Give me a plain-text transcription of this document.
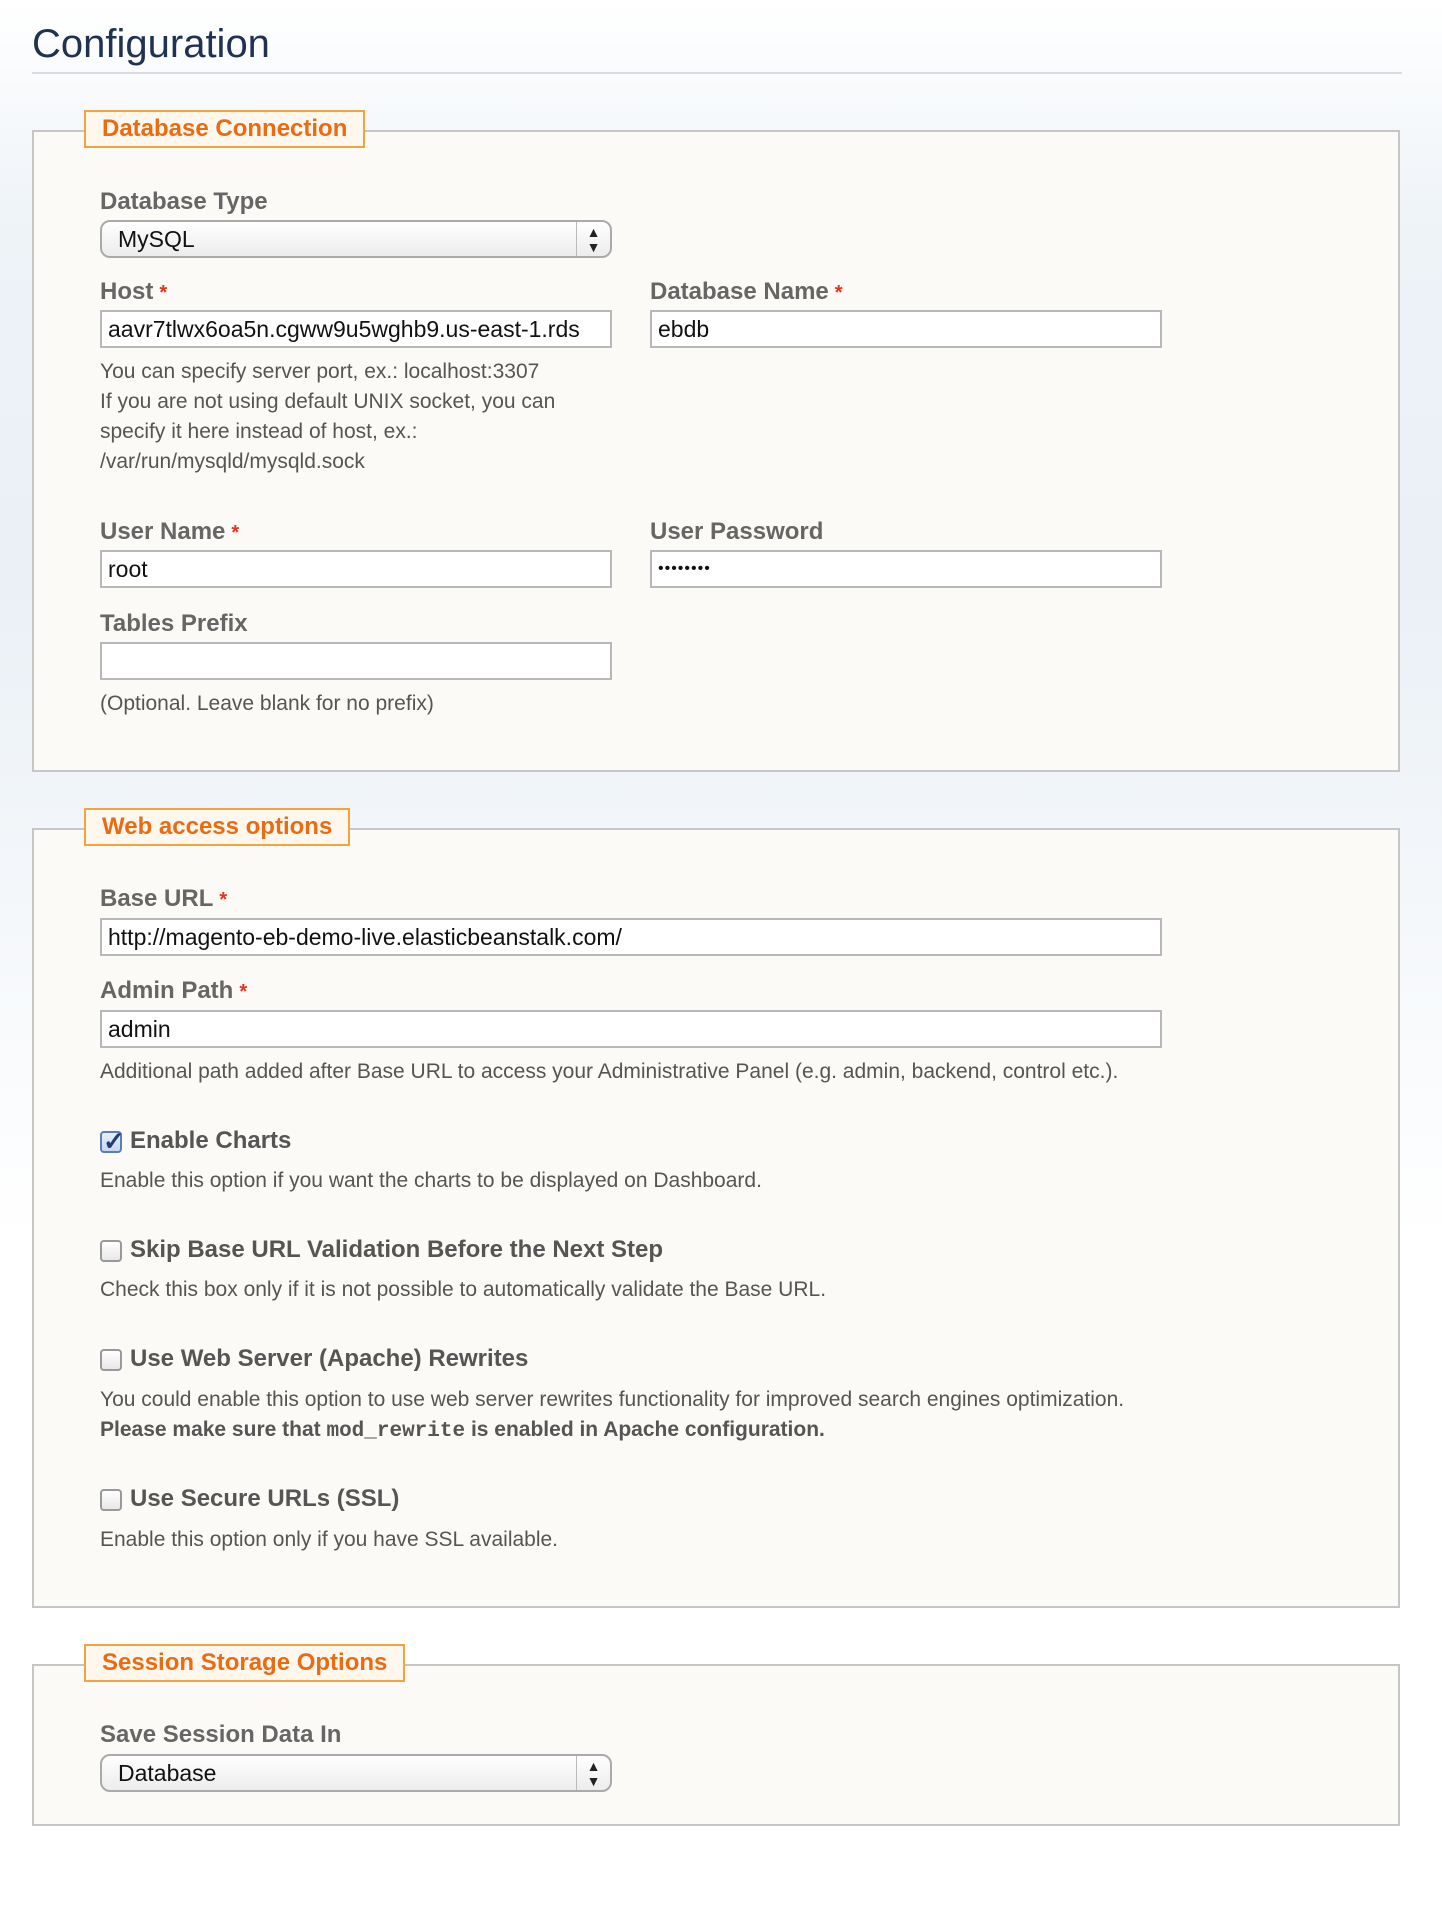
Configuration
Database Connection
Database Type
MySQL	▲
▼
Host *
aavr7tlwx6oa5n.cgww9u5wghb9.us-east-1.rds
You can specify server port, ex.: localhost:3307
If you are not using default UNIX socket, you can
specify it here instead of host, ex.:
/var/run/mysqld/mysqld.sock
Database Name *
ebdb
User Name *
root
User Password
••••••••
Tables Prefix
(Optional. Leave blank for no prefix)
Web access options
Base URL *
http://magento-eb-demo-live.elasticbeanstalk.com/
Admin Path *
admin
Additional path added after Base URL to access your Administrative Panel (e.g. admin, backend, control etc.).
✓ Enable Charts
Enable this option if you want the charts to be displayed on Dashboard.
Skip Base URL Validation Before the Next Step
Check this box only if it is not possible to automatically validate the Base URL.
Use Web Server (Apache) Rewrites
You could enable this option to use web server rewrites functionality for improved search engines optimization.
Please make sure that mod_rewrite is enabled in Apache configuration.
Use Secure URLs (SSL)
Enable this option only if you have SSL available.
Session Storage Options
Save Session Data In
Database	▲
▼
